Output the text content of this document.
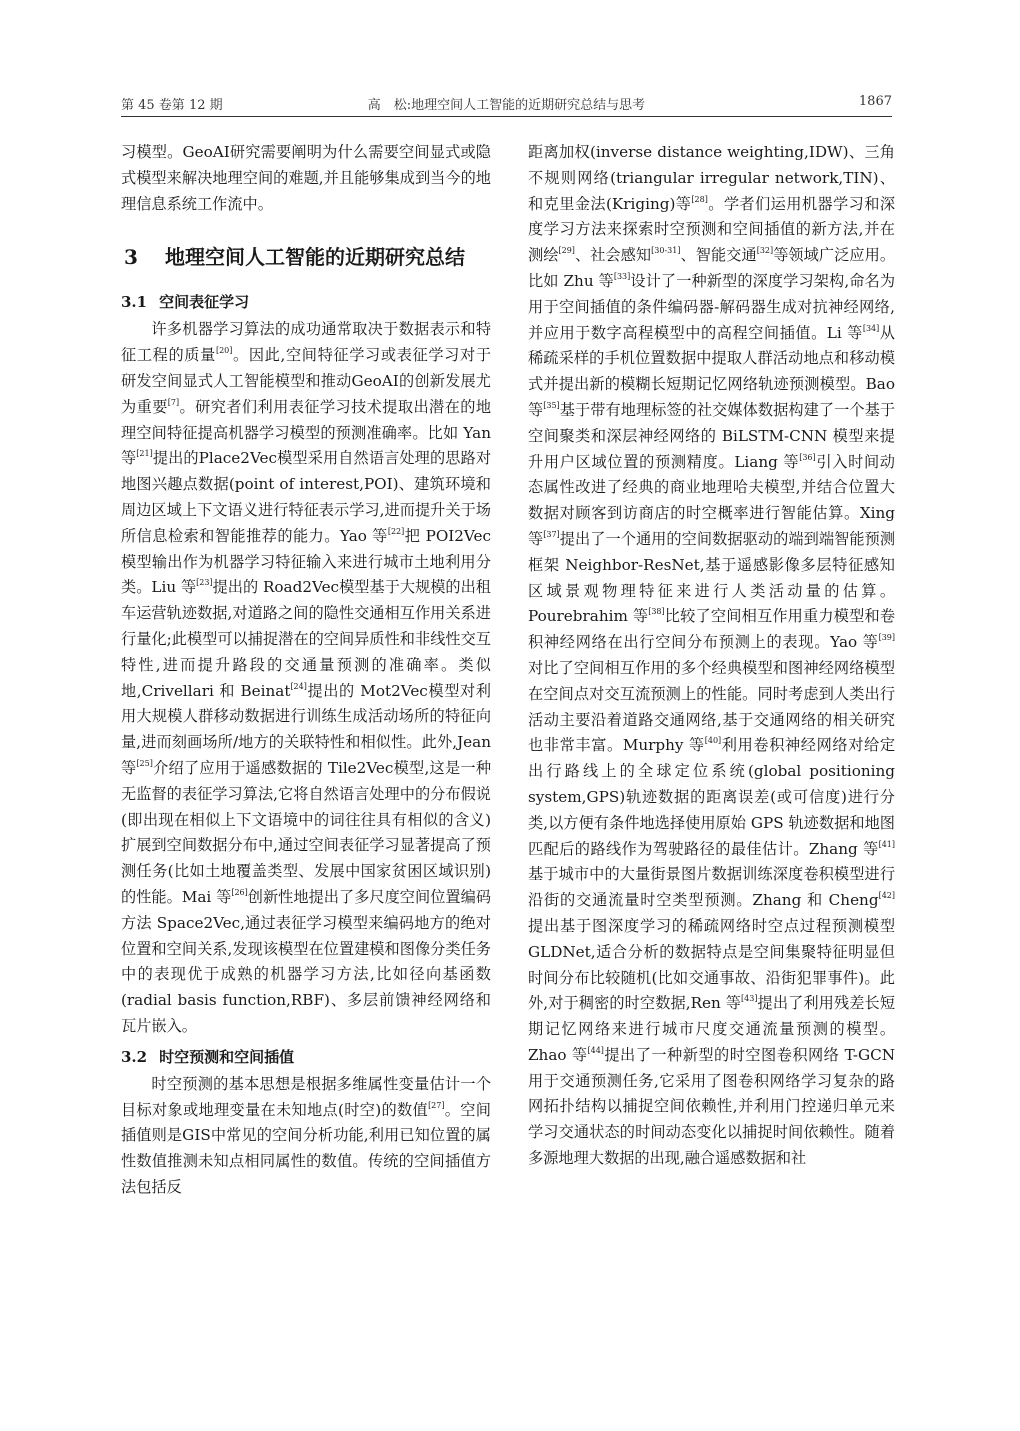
第 45 卷第 12 期	高　松:地理空间人工智能的近期研究总结与思考	1867

习模型。GeoAI研究需要阐明为什么需要空间显式或隐式模型来解决地理空间的难题,并且能够集成到当今的地理信息系统工作流中。

3 地理空间人工智能的近期研究总结
3.1 空间表征学习

许多机器学习算法的成功通常取决于数据表示和特征工程的质量[20]。因此,空间特征学习或表征学习对于研发空间显式人工智能模型和推动GeoAI的创新发展尤为重要[7]。研究者们利用表征学习技术提取出潜在的地理空间特征提高机器学习模型的预测准确率。比如 Yan 等[21]提出的Place2Vec模型采用自然语言处理的思路对地图兴趣点数据(point of interest,POI)、建筑环境和周边区域上下文语义进行特征表示学习,进而提升关于场所信息检索和智能推荐的能力。Yao 等[22]把 POI2Vec 模型输出作为机器学习特征输入来进行城市土地利用分类。Liu 等[23]提出的 Road2Vec模型基于大规模的出租车运营轨迹数据,对道路之间的隐性交通相互作用关系进行量化;此模型可以捕捉潜在的空间异质性和非线性交互特性,进而提升路段的交通量预测的准确率。类似地,Crivellari 和 Beinat[24]提出的 Mot2Vec模型对利用大规模人群移动数据进行训练生成活动场所的特征向量,进而刻画场所/地方的关联特性和相似性。此外,Jean 等[25]介绍了应用于遥感数据的 Tile2Vec模型,这是一种无监督的表征学习算法,它将自然语言处理中的分布假说(即出现在相似上下文语境中的词往往具有相似的含义)扩展到空间数据分布中,通过空间表征学习显著提高了预测任务(比如土地覆盖类型、发展中国家贫困区域识别)的性能。Mai 等[26]创新性地提出了多尺度空间位置编码方法 Space2Vec,通过表征学习模型来编码地方的绝对位置和空间关系,发现该模型在位置建模和图像分类任务中的表现优于成熟的机器学习方法,比如径向基函数(radial basis function,RBF)、多层前馈神经网络和瓦片嵌入。

3.2 时空预测和空间插值

时空预测的基本思想是根据多维属性变量估计一个目标对象或地理变量在未知地点(时空)的数值[27]。空间插值则是GIS中常见的空间分析功能,利用已知位置的属性数值推测未知点相同属性的数值。传统的空间插值方法包括反

距离加权(inverse distance weighting,IDW)、三角不规则网络(triangular irregular network,TIN)、和克里金法(Kriging)等[28]。学者们运用机器学习和深度学习方法来探索时空预测和空间插值的新方法,并在测绘[29]、社会感知[30-31]、智能交通[32]等领域广泛应用。比如 Zhu 等[33]设计了一种新型的深度学习架构,命名为用于空间插值的条件编码器-解码器生成对抗神经网络,并应用于数字高程模型中的高程空间插值。Li 等[34]从稀疏采样的手机位置数据中提取人群活动地点和移动模式并提出新的模糊长短期记忆网络轨迹预测模型。Bao 等[35]基于带有地理标签的社交媒体数据构建了一个基于空间聚类和深层神经网络的 BiLSTM-CNN 模型来提升用户区域位置的预测精度。Liang 等[36]引入时间动态属性改进了经典的商业地理哈夫模型,并结合位置大数据对顾客到访商店的时空概率进行智能估算。Xing 等[37]提出了一个通用的空间数据驱动的端到端智能预测框架 Neighbor-ResNet,基于遥感影像多层特征感知区域景观物理特征来进行人类活动量的估算。Pourebrahim 等[38]比较了空间相互作用重力模型和卷积神经网络在出行空间分布预测上的表现。Yao 等[39]对比了空间相互作用的多个经典模型和图神经网络模型在空间点对交互流预测上的性能。同时考虑到人类出行活动主要沿着道路交通网络,基于交通网络的相关研究也非常丰富。Murphy 等[40]利用卷积神经网络对给定出行路线上的全球定位系统(global positioning system,GPS)轨迹数据的距离误差(或可信度)进行分类,以方便有条件地选择使用原始 GPS 轨迹数据和地图匹配后的路线作为驾驶路径的最佳估计。Zhang 等[41]基于城市中的大量街景图片数据训练深度卷积模型进行沿街的交通流量时空类型预测。Zhang 和 Cheng[42]提出基于图深度学习的稀疏网络时空点过程预测模型 GLDNet,适合分析的数据特点是空间集聚特征明显但时间分布比较随机(比如交通事故、沿街犯罪事件)。此外,对于稠密的时空数据,Ren 等[43]提出了利用残差长短期记忆网络来进行城市尺度交通流量预测的模型。Zhao 等[44]提出了一种新型的时空图卷积网络 T-GCN 用于交通预测任务,它采用了图卷积网络学习复杂的路网拓扑结构以捕捉空间依赖性,并利用门控递归单元来学习交通状态的时间动态变化以捕捉时间依赖性。随着多源地理大数据的出现,融合遥感数据和社
